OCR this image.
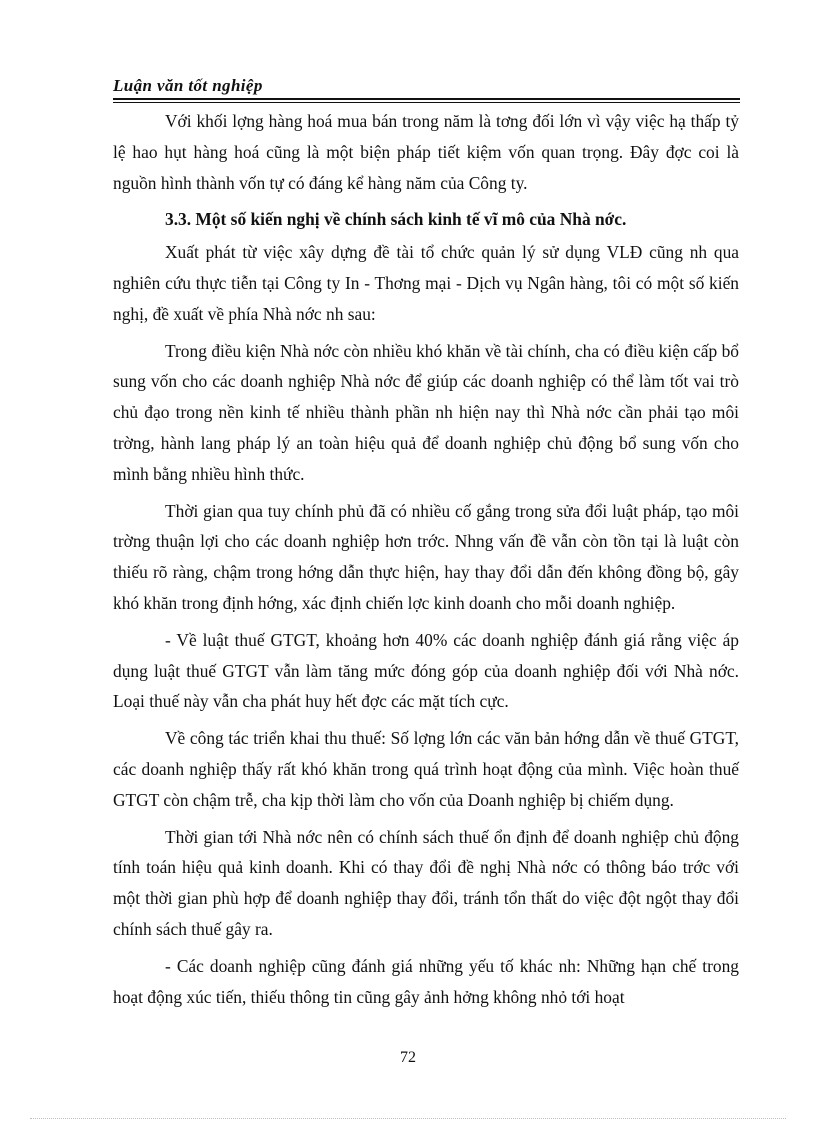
Luận văn tốt nghiệp

Với khối lợng hàng hoá mua bán trong năm là tơng đối lớn vì vậy việc hạ thấp tỷ lệ hao hụt hàng hoá cũng là một biện pháp tiết kiệm vốn quan trọng. Đây đợc coi là nguồn hình thành vốn tự có đáng kể hàng năm của Công ty.

3.3. Một số kiến nghị về chính sách kinh tế vĩ mô của Nhà nớc.

Xuất phát từ việc xây dựng đề tài tổ chức quản lý sử dụng VLĐ cũng nh qua nghiên cứu thực tiễn tại Công ty In - Thơng mại - Dịch vụ Ngân hàng, tôi có một số kiến nghị, đề xuất về phía Nhà nớc nh sau:

Trong điều kiện Nhà nớc còn nhiều khó khăn về tài chính, cha có điều kiện cấp bổ sung vốn cho các doanh nghiệp Nhà nớc để giúp các doanh nghiệp có thể làm tốt vai trò chủ đạo trong nền kinh tế nhiều thành phần nh hiện nay thì Nhà nớc cần phải tạo môi trờng, hành lang pháp lý an toàn hiệu quả để doanh nghiệp chủ động bổ sung vốn cho mình bằng nhiều hình thức.

Thời gian qua tuy chính phủ đã có nhiều cố gắng trong sửa đổi luật pháp, tạo môi trờng thuận lợi cho các doanh nghiệp hơn trớc. Nhng vấn đề vẫn còn tồn tại là luật còn thiếu rõ ràng, chậm trong hớng dẫn thực hiện, hay thay đổi dẫn đến không đồng bộ, gây khó khăn trong định hớng, xác định chiến lợc kinh doanh cho mỗi doanh nghiệp.

- Về luật thuế GTGT, khoảng hơn 40% các doanh nghiệp đánh giá rằng việc áp dụng luật thuế GTGT vẫn làm tăng mức đóng góp của doanh nghiệp đối với Nhà nớc. Loại thuế này vẫn cha phát huy hết đợc các mặt tích cực.

Về công tác triển khai thu thuế: Số lợng lớn các văn bản hớng dẫn về thuế GTGT, các doanh nghiệp thấy rất khó khăn trong quá trình hoạt động của mình. Việc hoàn thuế GTGT còn chậm trễ, cha kịp thời làm cho vốn của Doanh nghiệp bị chiếm dụng.

Thời gian tới Nhà nớc nên có chính sách thuế ổn định để doanh nghiệp chủ động tính toán hiệu quả kinh doanh. Khi có thay đổi đề nghị Nhà nớc có thông báo trớc với một thời gian phù hợp để doanh nghiệp thay đổi, tránh tổn thất do việc đột ngột thay đổi chính sách thuế gây ra.

- Các doanh nghiệp cũng đánh giá những yếu tố khác nh: Những hạn chế trong hoạt động xúc tiến, thiếu thông tin cũng gây ảnh hởng không nhỏ tới hoạt

72
